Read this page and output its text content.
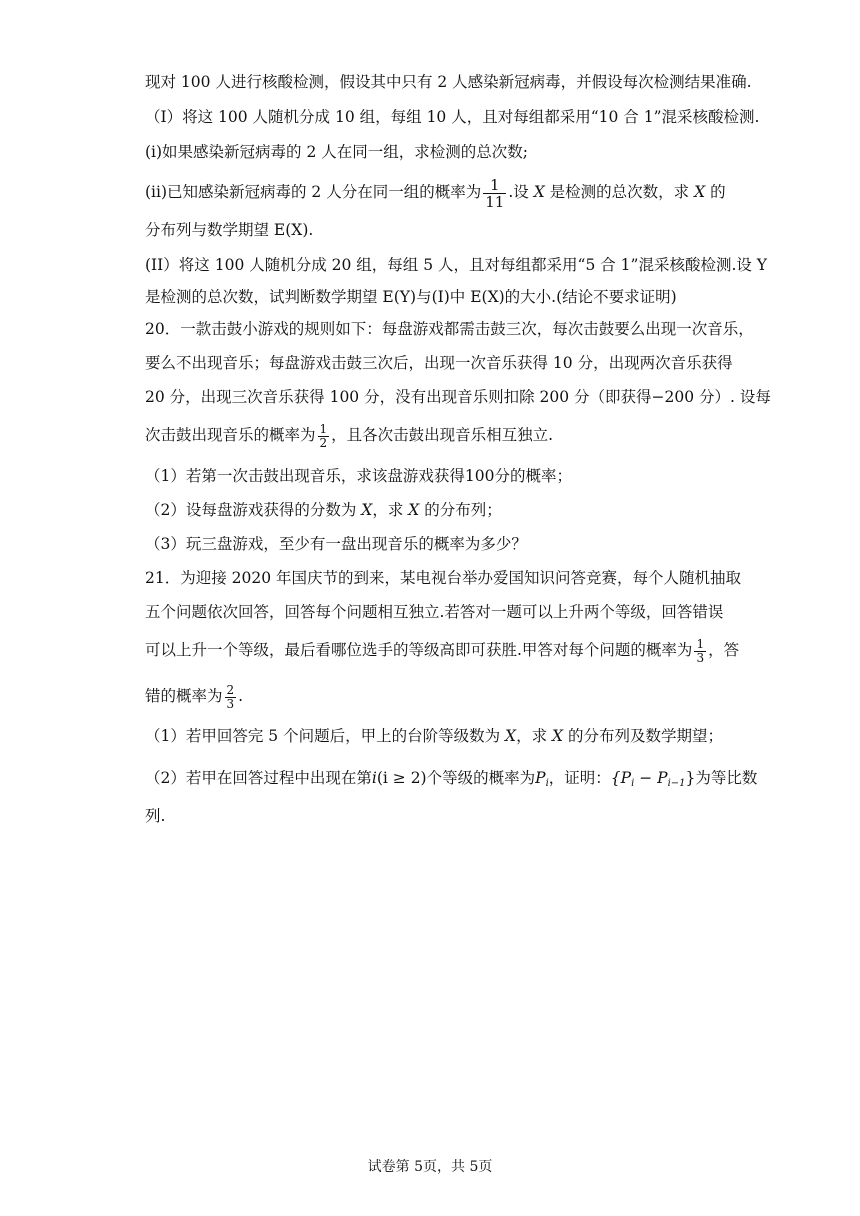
现对 100 人进行核酸检测，假设其中只有 2 人感染新冠病毒，并假设每次检测结果准确.
（I）将这 100 人随机分成 10 组，每组 10 人，且对每组都采用“10 合 1”混采核酸检测.
(i)如果感染新冠病毒的 2 人在同一组，求检测的总次数;
(ii)已知感染新冠病毒的 2 人分在同一组的概率为 $\frac{1}{11}$ .设 X 是检测的总次数，求 X 的
分布列与数学期望 E(X).
(II）将这 100 人随机分成 20 组，每组 5 人，且对每组都采用“5 合 1”混采核酸检测.设 Y
是检测的总次数，试判断数学期望 E(Y)与(I)中 E(X)的大小.(结论不要求证明)
20．一款击鼓小游戏的规则如下：每盘游戏都需击鼓三次，每次击鼓要么出现一次音乐，
要么不出现音乐；每盘游戏击鼓三次后，出现一次音乐获得 10 分，出现两次音乐获得
20 分，出现三次音乐获得 100 分，没有出现音乐则扣除 200 分（即获得−200 分）. 设每
次击鼓出现音乐的概率为 $\frac{1}{2}$ ，且各次击鼓出现音乐相互独立.
（1）若第一次击鼓出现音乐，求该盘游戏获得100分的概率；
（2）设每盘游戏获得的分数为 X，求 X 的分布列；
（3）玩三盘游戏，至少有一盘出现音乐的概率为多少？
21．为迎接 2020 年国庆节的到来，某电视台举办爱国知识问答竞赛，每个人随机抽取
五个问题依次回答，回答每个问题相互独立.若答对一题可以上升两个等级，回答错误
可以上升一个等级，最后看哪位选手的等级高即可获胜.甲答对每个问题的概率为 $\frac{1}{3}$ ，答
错的概率为 $\frac{2}{3}$ .
（1）若甲回答完 5 个问题后，甲上的台阶等级数为 X，求 X 的分布列及数学期望；
（2）若甲在回答过程中出现在第i(i ≥ 2)个等级的概率为$P_i$，证明：$\{P_i - P_{i-1}\}$为等比数
列.
试卷第 5页，共 5页
